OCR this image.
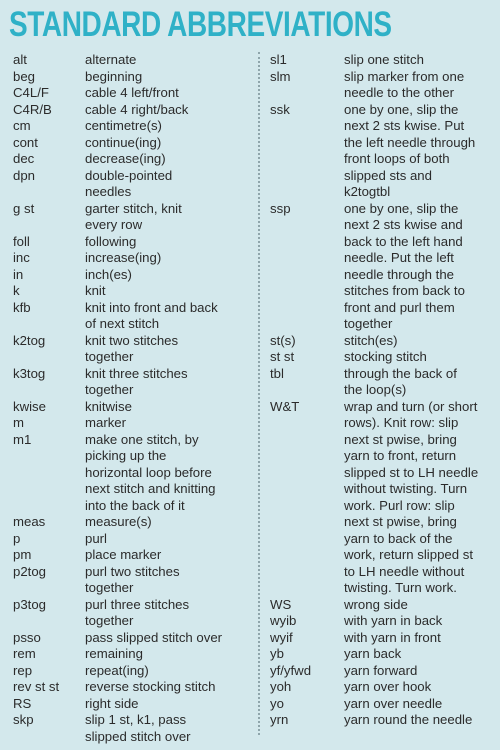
STANDARD ABBREVIATIONS
alt	alternate
beg	beginning
C4L/F	cable 4 left/front
C4R/B	cable 4 right/back
cm	centimetre(s)
cont	continue(ing)
dec	decrease(ing)
dpn	double-pointed
needles
g st	garter stitch, knit
every row
foll	following
inc	increase(ing)
in	inch(es)
k	knit
kfb	knit into front and back
of next stitch
k2tog	knit two stitches
together
k3tog	knit three stitches
together
kwise	knitwise
m	marker
m1	make one stitch, by
picking up the
horizontal loop before
next stitch and knitting
into the back of it
meas	measure(s)
p	purl
pm	place marker
p2tog	purl two stitches
together
p3tog	purl three stitches
together
psso	pass slipped stitch over
rem	remaining
rep	repeat(ing)
rev st st	reverse stocking stitch
RS	right side
skp	slip 1 st, k1, pass
slipped stitch over
sl1	slip one stitch
slm	slip marker from one
needle to the other
ssk	one by one, slip the
next 2 sts kwise. Put
the left needle through
front loops of both
slipped sts and
k2togtbl
ssp	one by one, slip the
next 2 sts kwise and
back to the left hand
needle. Put the left
needle through the
stitches from back to
front and purl them
together
st(s)	stitch(es)
st st	stocking stitch
tbl	through the back of
the loop(s)
W&T	wrap and turn (or short
rows). Knit row: slip
next st pwise, bring
yarn to front, return
slipped st to LH needle
without twisting. Turn
work. Purl row: slip
next st pwise, bring
yarn to back of the
work, return slipped st
to LH needle without
twisting. Turn work.
WS	wrong side
wyib	with yarn in back
wyif	with yarn in front
yb	yarn back
yf/yfwd	yarn forward
yoh	yarn over hook
yo	yarn over needle
yrn	yarn round the needle
